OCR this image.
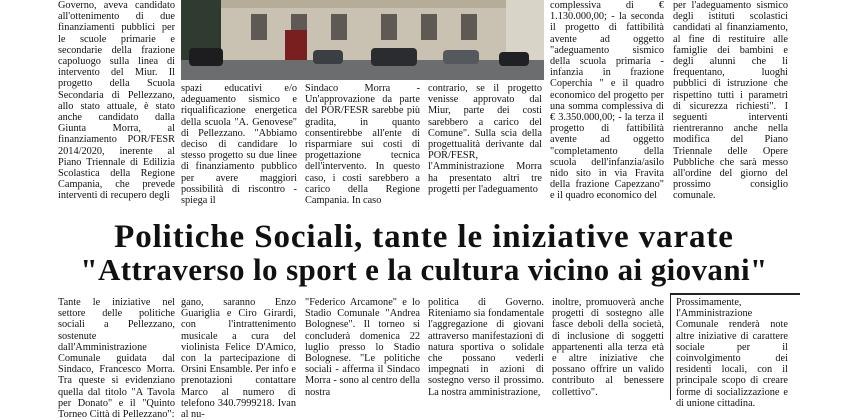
Governo, aveva candidato all'ottenimento di due finanziamenti pubblici per le scuole primarie e secondarie della frazione capoluogo sulla linea di intervento del Miur. Il progetto della Scuola Secondaria di Pellezzano, allo stato attuale, è stato anche candidato dalla Giunta Morra, al finanziamento POR/FESR 2014/2020, inerente al Piano Triennale di Edilizia Scolastica della Regione Campania, che prevede interventi di recupero degli

spazi educativi e/o adeguamento sismico e riqualificazione energetica della scuola "A. Genovese" di Pellezzano. "Abbiamo deciso di candidare lo stesso progetto su due linee di finanziamento pubblico per avere maggiori possibilità di riscontro - spiega il

Sindaco Morra - Un'approvazione da parte del POR/FESR sarebbe più gradita, in quanto consentirebbe all'ente di risparmiare sui costi di progettazione tecnica dell'intervento. In questo caso, i costi sarebbero a carico della Regione Campania. In caso

contrario, se il progetto venisse approvato dal Miur, parte dei costi sarebbero a carico del Comune". Sulla scia della progettualità derivante dal POR/FESR, l'Amministrazione Morra ha presentato altri tre progetti per l'adeguamento

complessiva di € 1.130.000,00; - la seconda il progetto di fattibilità avente ad oggetto "adeguamento sismico della scuola primaria - infanzia in frazione Coperchia " e il quadro economico del progetto per una somma complessiva di € 3.350.000,00; - la terza il progetto di fattibilità avente ad oggetto "completamento della scuola dell'infanzia/asilo nido sito in via Fravita della frazione Capezzano" e il quadro economico del

per l'adeguamento sismico degli istituti scolastici candidati al finanziamento, al fine di restituire alle famiglie dei bambini e degli alunni che li frequentano, luoghi pubblici di istruzione che rispettino tutti i parametri di sicurezza richiesti". I seguenti interventi rientreranno anche nella modifica del Piano Triennale delle Opere Pubbliche che sarà messo all'ordine del giorno del prossimo consiglio comunale.

Politiche Sociali, tante le iniziative varate
"Attraverso lo sport e la cultura vicino ai giovani"

Tante le iniziative nel settore delle politiche sociali a Pellezzano, sostenute dall'Amministrazione Comunale guidata dal Sindaco, Francesco Morra. Tra queste si evidenziano quella dal titolo "A Tavola per Donato" e il "Quinto Torneo Città di Pellezzano":

gano, saranno Enzo Guariglia e Ciro Girardi, con l'intrattenimento musicale a cura del violinista Felice D'Amico, con la partecipazione di Orsini Ensamble. Per info e prenotazioni contattare Marco al numero di telefono 340.7999218. Ivan al nu-

"Federico Arcamone" e lo Stadio Comunale "Andrea Bolognese". Il torneo si concluderà domenica 22 luglio presso lo Stadio Bolognese. "Le politiche sociali - afferma il Sindaco Morra - sono al centro della nostra

politica di Governo. Riteniamo sia fondamentale l'aggregazione di giovani attraverso manifestazioni di natura sportiva o solidale che possano vederli impegnati in azioni di sostegno verso il prossimo. La nostra amministrazione,

inoltre, promuoverà anche progetti di sostegno alle fasce deboli della società, di inclusione di soggetti appartenenti alla terza età e altre iniziative che possano offrire un valido contributo al benessere collettivo".

Prossimamente, l'Amministrazione Comunale renderà note altre iniziative di carattere sociale per il coinvolgimento dei residenti locali, con il principale scopo di creare forme di socializzazione e di unione cittadina.
